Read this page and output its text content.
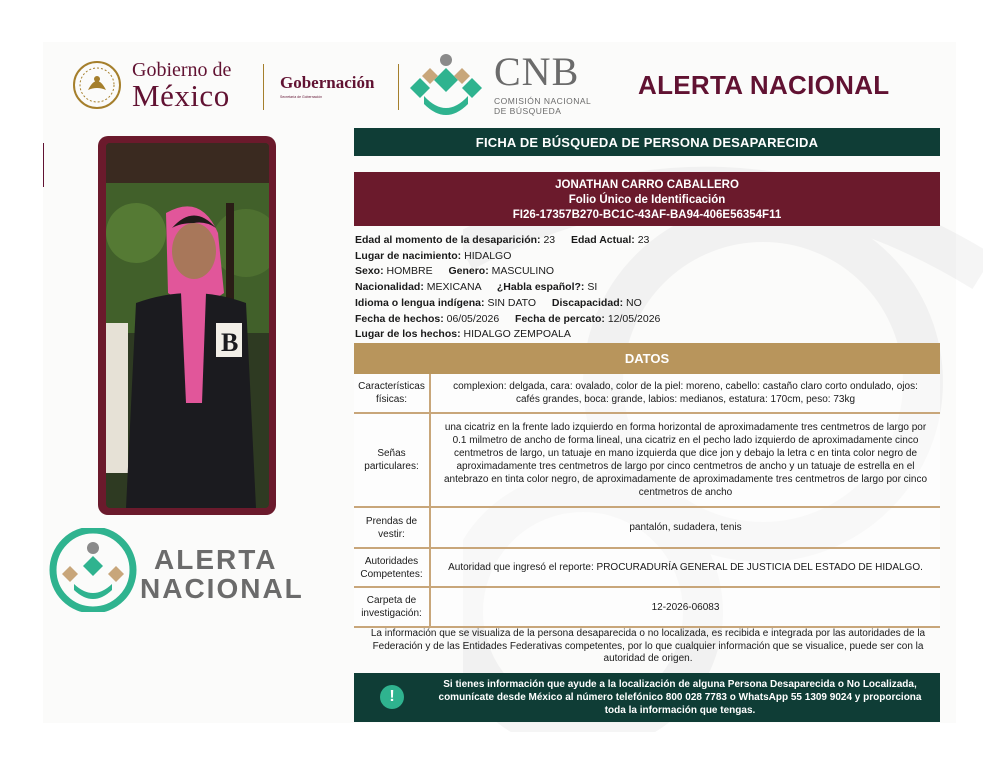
Gobierno de
México	Gobernación
Secretaría de Gobernación
CNB
COMISIÓN NACIONAL
DE BÚSQUEDA
ALERTA NACIONAL
B
ALERTA
NACIONAL
FICHA DE BÚSQUEDA DE PERSONA DESAPARECIDA
JONATHAN CARRO CABALLERO
Folio Único de Identificación
FI26-17357B270-BC1C-43AF-BA94-406E56354F11
Edad al momento de la desaparición: 23 Edad Actual: 23
Lugar de nacimiento: HIDALGO
Sexo: HOMBRE Genero: MASCULINO
Nacionalidad: MEXICANA ¿Habla español?: SI
Idioma o lengua indígena: SIN DATO Discapacidad: NO
Fecha de hechos: 06/05/2026 Fecha de percato: 12/05/2026
Lugar de los hechos: HIDALGO ZEMPOALA
DATOS
Características físicas:
complexion: delgada, cara: ovalado, color de la piel: moreno, cabello: castaño claro corto ondulado, ojos: cafés grandes, boca: grande, labios: medianos, estatura: 170cm, peso: 73kg
Señas particulares:
una cicatriz en la frente lado izquierdo en forma horizontal de aproximadamente tres centmetros de largo por 0.1 milmetro de ancho de forma lineal, una cicatriz en el pecho lado izquierdo de aproximadamente cinco centmetros de largo, un tatuaje en mano izquierda que dice jon y debajo la letra c en tinta color negro de aproximadamente tres centmetros de largo por cinco centmetros de ancho y un tatuaje de estrella en el antebrazo en tinta color negro, de aproximadamente de aproximadamente tres centmetros de largo por cinco centmetros de ancho
Prendas de vestir:
pantalón, sudadera, tenis
Autoridades Competentes:
Autoridad que ingresó el reporte: PROCURADURÍA GENERAL DE JUSTICIA DEL ESTADO DE HIDALGO.
Carpeta de investigación:
12-2026-06083
La información que se visualiza de la persona desaparecida o no localizada, es recibida e integrada por las autoridades de la Federación y de las Entidades Federativas competentes, por lo que cualquier información que se visualice, puede ser con la autoridad de origen.
!
Si tienes información que ayude a la localización de alguna Persona Desaparecida o No Localizada, comunícate desde México al número telefónico 800 028 7783 o WhatsApp 55 1309 9024 y proporciona toda la información que tengas.
